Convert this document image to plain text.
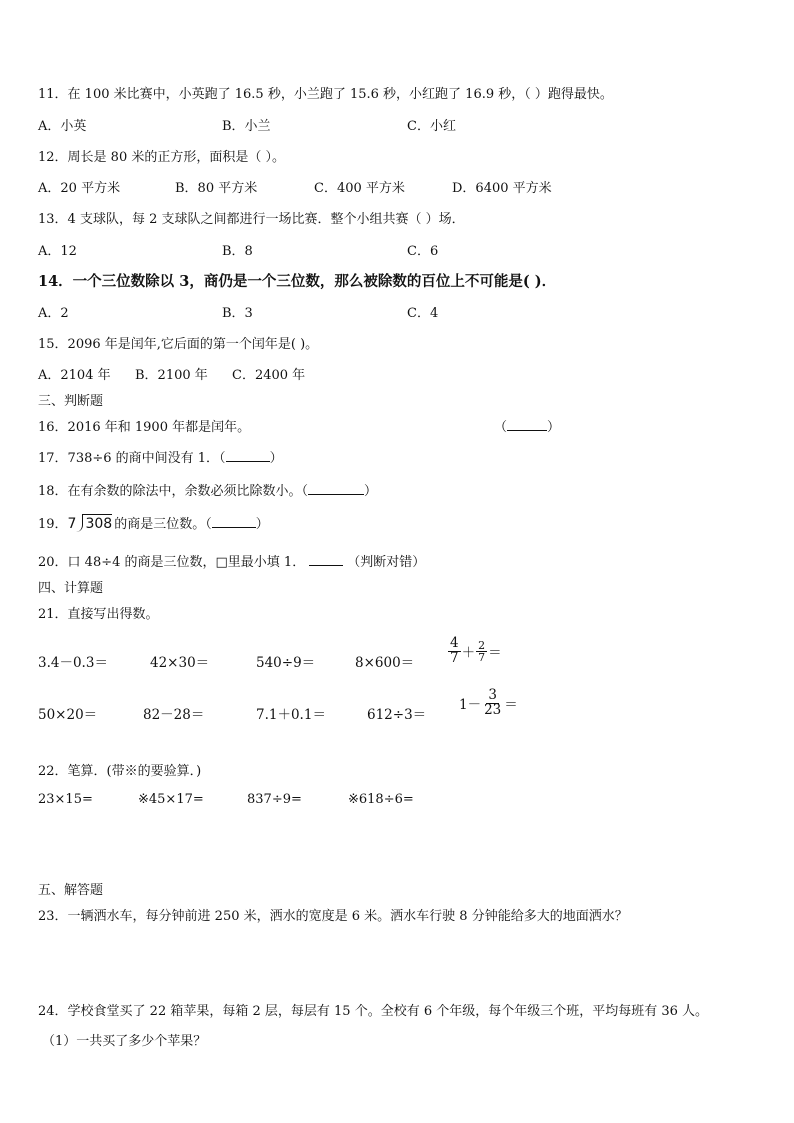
11．在 100 米比赛中，小英跑了 16.5 秒，小兰跑了 15.6 秒，小红跑了 16.9 秒，（ ）跑得最快。
A．小英	B．小兰	C．小红
12．周长是 80 米的正方形，面积是（ ）。
A．20 平方米	B．80 平方米	C．400 平方米	D．6400 平方米
13．4 支球队，每 2 支球队之间都进行一场比赛．整个小组共赛（ ）场．
A．12	B．8	C．6
14．一个三位数除以 3，商仍是一个三位数，那么被除数的百位上不可能是( )．
A．2	B．3	C．4
15．2096 年是闰年,它后面的第一个闰年是( )。
A．2104 年 B．2100 年 C．2400 年
三、判断题
16．2016 年和 1900 年都是闰年。	（	）
17．738÷6 的商中间没有 1．（	）
18．在有余数的除法中，余数必须比除数小。（	）
19．7 308 的商是三位数。（	）
20．口 48÷4 的商是三位数，□里最小填 1．	（判断对错）
四、计算题
21．直接写出得数。
3.4－0.3＝	42×30＝	540÷9＝	8×600＝	$\frac{4}{7} + \frac{2}{7}$ ＝
50×20＝	82－28＝	7.1＋0.1＝	612÷3＝
$1- \frac{3}{23}$ ＝
22．笔算．(带※的要验算．)
23×15=	※45×17=	837÷9=	※618÷6=
五、解答题
23．一辆洒水车，每分钟前进 250 米，洒水的宽度是 6 米。洒水车行驶 8 分钟能给多大的地面洒水？
24．学校食堂买了 22 箱苹果，每箱 2 层，每层有 15 个。全校有 6 个年级，每个年级三个班，平均每班有 36 人。
（1）一共买了多少个苹果？
